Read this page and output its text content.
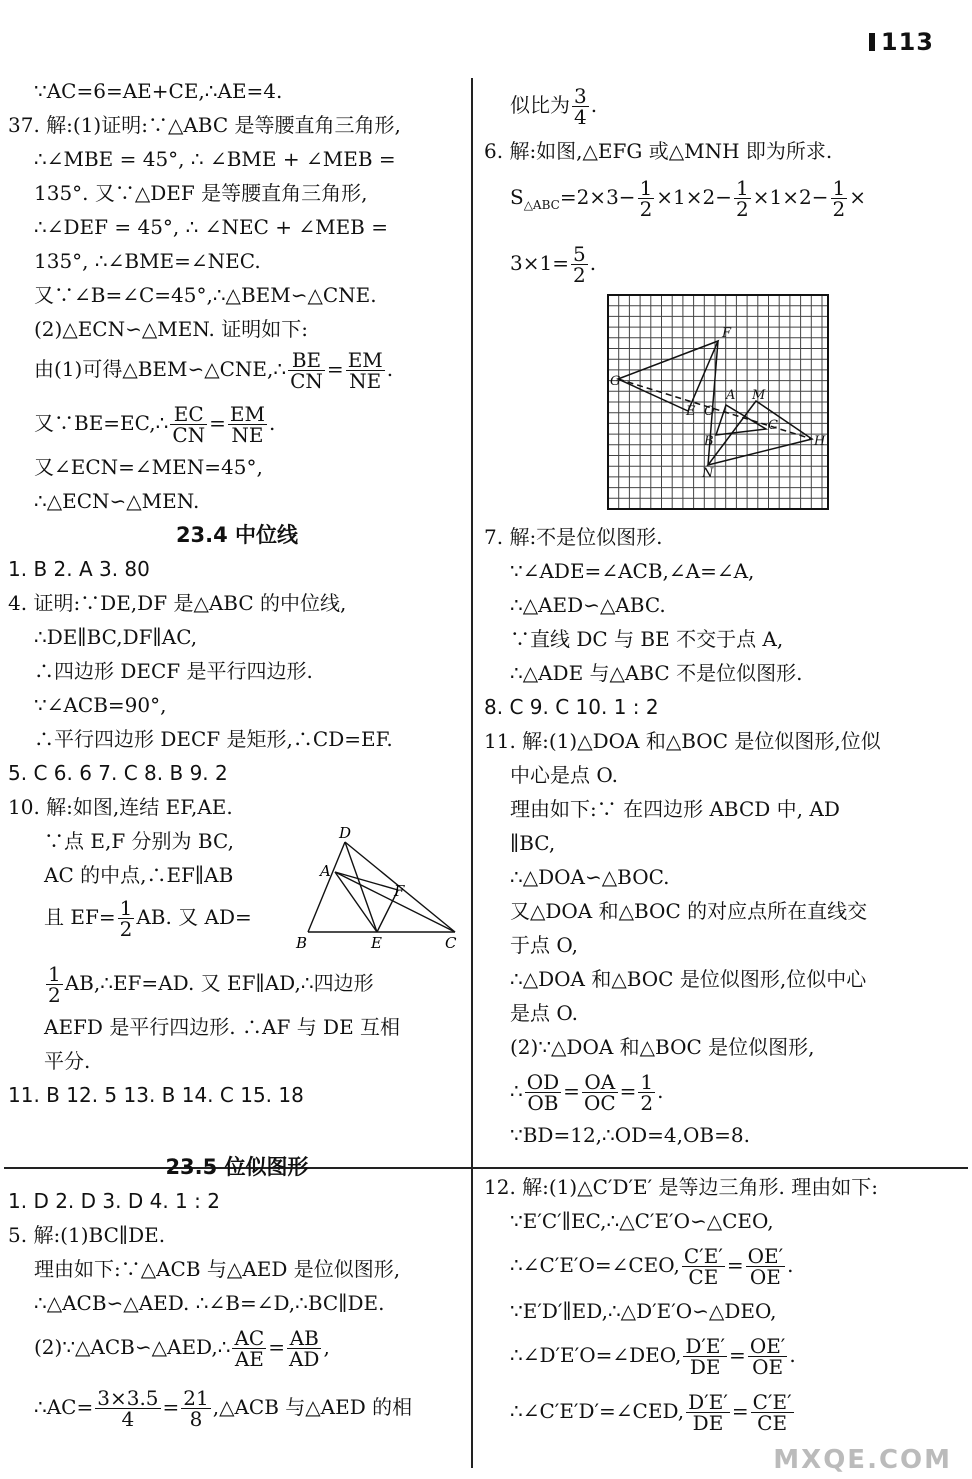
113
∵AC=6=AE+CE,∴AE=4.
37. 解:(1)证明:∵△ABC 是等腰直角三角形,
∴∠MBE = 45°, ∴ ∠BME + ∠MEB =
135°. 又∵△DEF 是等腰直角三角形,
∴∠DEF = 45°, ∴ ∠NEC + ∠MEB =
135°, ∴∠BME=∠NEC.
又∵∠B=∠C=45°,∴△BEM∽△CNE.
(2)△ECN∽△MEN. 证明如下:
由(1)可得△BEM∽△CNE,∴ $\frac{BE}{CN} = \frac{EM}{NE}$ .
又∵BE=EC,∴ $\frac{EC}{CN} = \frac{EM}{NE}$ .
又∠ECN=∠MEN=45°,
∴△ECN∽△MEN.
23.4 中位线
1. B 2. A 3. 80
4. 证明:∵DE,DF 是△ABC 的中位线,
∴DE∥BC,DF∥AC,
∴四边形 DECF 是平行四边形.
∵∠ACB=90°,
∴平行四边形 DECF 是矩形,∴CD=EF.
5. C 6. 6 7. C 8. B 9. 2
10. 解:如图,连结 EF,AE.
∵点 E,F 分别为 BC,
AC 的中点,∴EF∥AB
且 $EF= \frac{1}{2}$ AB. 又 AD=
$\frac{1}{2}$ AB,∴EF=AD. 又 EF∥AD,∴四边形
AEFD 是平行四边形. ∴AF 与 DE 互相
平分.
11. B 12. 5 13. B 14. C 15. 18
23.5 位似图形
1. D 2. D 3. D 4. 1 : 2
5. 解:(1)BC∥DE.
理由如下:∵△ACB 与△AED 是位似图形,
∴△ACB∽△AED. ∴∠B=∠D,∴BC∥DE.
(2)∵△ACB∽△AED,∴ $\frac{AC}{AE} = \frac{AB}{AD}$ ,
∴AC= $\frac{3\times 3.5}{4} = \frac{21}{8}$ ,△ACB 与△AED 的相
D
A
F
B	E	C
似比为 $\frac{3}{4}$ .
6. 解:如图,△EFG 或△MNH 即为所求.
$S_{\triangle ABC}=2\times 3- \frac{1}{2} \times 1\times 2- \frac{1}{2} \times 1\times 2- \frac{1}{2}$ ×
$3\times 1= \frac{5}{2}$ .
F
G
A M
E O
C
B	H
N
7. 解:不是位似图形.
∵∠ADE=∠ACB,∠A=∠A,
∴△AED∽△ABC.
∵直线 DC 与 BE 不交于点 A,
∴△ADE 与△ABC 不是位似图形.
8. C 9. C 10. 1 : 2
11. 解:(1)△DOA 和△BOC 是位似图形,位似
中心是点 O.
理由如下:∵ 在四边形 ABCD 中, AD
∥BC,
∴△DOA∽△BOC.
又△DOA 和△BOC 的对应点所在直线交
于点 O,
∴△DOA 和△BOC 是位似图形,位似中心
是点 O.
(2)∵△DOA 和△BOC 是位似图形,
∴ $\frac{OD}{OB} = \frac{OA}{OC} = \frac{1}{2}$ .
∵BD=12,∴OD=4,OB=8.
12. 解:(1)△C′D′E′ 是等边三角形. 理由如下:
∵E′C′∥EC,∴△C′E′O∽△CEO,
∴∠C′E′O=∠CEO, $\frac{C'E'}{CE} = \frac{OE'}{OE}$ .
∵E′D′∥ED,∴△D′E′O∽△DEO,
∴∠D′E′O=∠DEO, $\frac{D'E'}{DE} = \frac{OE'}{OE}$ .
∴∠C′E′D′=∠CED, $\frac{D'E'}{DE} = \frac{C'E'}{CE}$
MXQE.COM
